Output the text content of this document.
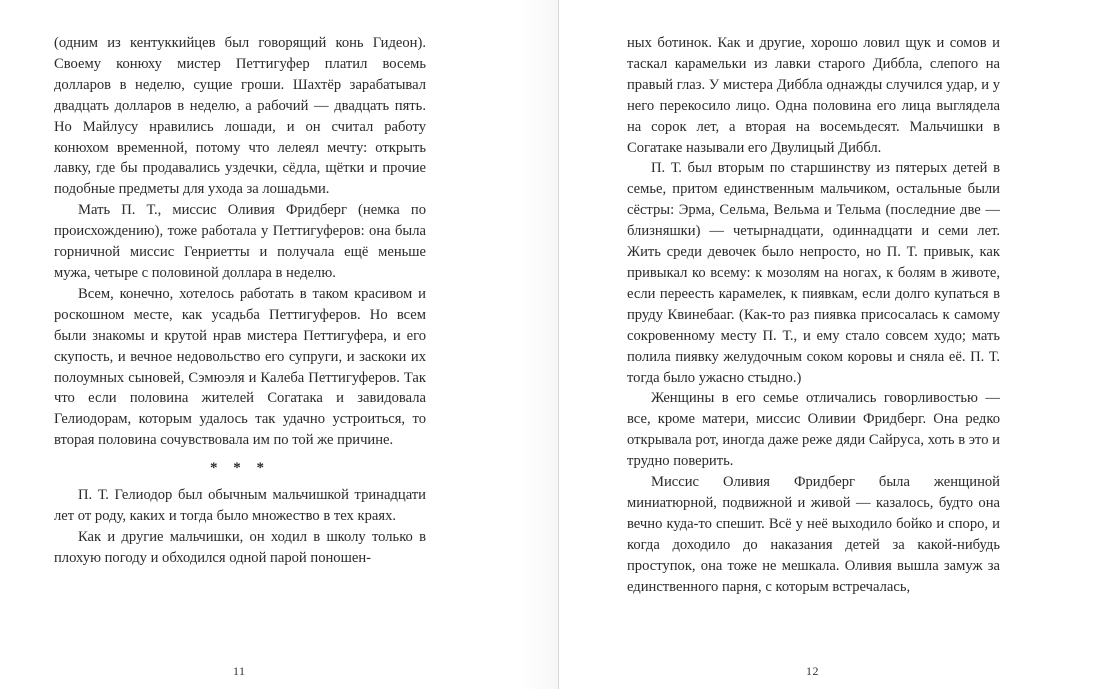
(одним из кентуккийцев был говорящий конь Гидеон). Своему конюху мистер Петтигуфер платил восемь долларов в неделю, сущие гроши. Шахтёр зарабатывал двадцать долларов в неделю, а рабочий — двадцать пять. Но Майлусу нравились лошади, и он считал работу конюхом временной, потому что лелеял мечту: открыть лавку, где бы продавались уздечки, сёдла, щётки и прочие подобные предметы для ухода за лошадьми.

Мать П. Т., миссис Оливия Фридберг (немка по происхождению), тоже работала у Петтигуферов: она была горничной миссис Генриетты и получала ещё меньше мужа, четыре с половиной доллара в неделю.

Всем, конечно, хотелось работать в таком красивом и роскошном месте, как усадьба Петтигуферов. Но всем были знакомы и крутой нрав мистера Петтигуфера, и его скупость, и вечное недовольство его супруги, и заскоки их полоумных сыновей, Сэмюэля и Калеба Петтигуферов. Так что если половина жителей Согатака и завидовала Гелиодорам, которым удалось так удачно устроиться, то вторая половина сочувствовала им по той же причине.

* * *

П. Т. Гелиодор был обычным мальчишкой тринадцати лет от роду, каких и тогда было множество в тех краях.

Как и другие мальчишки, он ходил в школу только в плохую погоду и обходился одной парой поношен-

11	12

ных ботинок. Как и другие, хорошо ловил щук и сомов и таскал карамельки из лавки старого Диббла, слепого на правый глаз. У мистера Диббла однажды случился удар, и у него перекосило лицо. Одна половина его лица выглядела на сорок лет, а вторая на восемьдесят. Мальчишки в Согатаке называли его Двулицый Диббл.

П. Т. был вторым по старшинству из пятерых детей в семье, притом единственным мальчиком, остальные были сёстры: Эрма, Сельма, Вельма и Тельма (последние две — близняшки) — четырнадцати, одиннадцати и семи лет. Жить среди девочек было непросто, но П. Т. привык, как привыкал ко всему: к мозолям на ногах, к болям в животе, если переесть карамелек, к пиявкам, если долго купаться в пруду Квинебааг. (Как-то раз пиявка присосалась к самому сокровенному месту П. Т., и ему стало совсем худо; мать полила пиявку желудочным соком коровы и сняла её. П. Т. тогда было ужасно стыдно.)

Женщины в его семье отличались говорливостью — все, кроме матери, миссис Оливии Фридберг. Она редко открывала рот, иногда даже реже дяди Сайруса, хоть в это и трудно поверить.

Миссис Оливия Фридберг была женщиной миниатюрной, подвижной и живой — казалось, будто она вечно куда-то спешит. Всё у неё выходило бойко и споро, и когда доходило до наказания детей за какой-нибудь проступок, она тоже не мешкала. Оливия вышла замуж за единственного парня, с которым встречалась,
